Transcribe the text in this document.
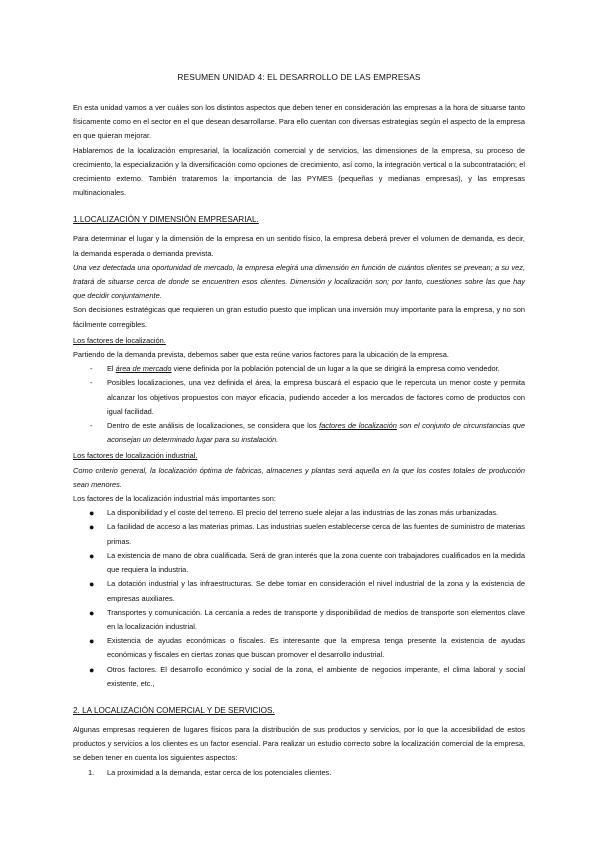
RESUMEN UNIDAD 4: EL DESARROLLO DE LAS EMPRESAS

En esta unidad vamos a ver cuáles son los distintos aspectos que deben tener en consideración las empresas a la hora de situarse tanto físicamente como en el sector en el que desean desarrollarse. Para ello cuentan con diversas estrategias según el aspecto de la empresa en que quieran mejorar.

Hablaremos de la localización empresarial, la localización comercial y de servicios, las dimensiones de la empresa, su proceso de crecimiento, la especialización y la diversificación como opciones de crecimiento, así como, la integración vertical o la subcontratación; el crecimiento externo. También trataremos la importancia de las PYMES (pequeñas y medianas empresas), y las empresas multinacionales.

1.LOCALIZACIÓN Y DIMENSIÓN EMPRESARIAL.

Para determinar el lugar y la dimensión de la empresa en un sentido físico, la empresa deberá prever el volumen de demanda, es decir, la demanda esperada o demanda prevista.

Una vez detectada una oportunidad de mercado, la empresa elegirá una dimensión en función de cuántos clientes se prevean; a su vez, tratará de situarse cerca de donde se encuentren esos clientes. Dimensión y localización son; por tanto, cuestiones sobre las que hay que decidir conjuntamente.

Son decisiones estratégicas que requieren un gran estudio puesto que implican una inversión muy importante para la empresa, y no son fácilmente corregibles.

Los factores de localización.

Partiendo de la demanda prevista, debemos saber que esta reúne varios factores para la ubicación de la empresa.

- El área de mercado viene definida por la población potencial de un lugar a la que se dirigirá la empresa como vendedor.
- Posibles localizaciones, una vez definida el área, la empresa buscará el espacio que le repercuta un menor coste y permita alcanzar los objetivos propuestos con mayor eficacia, pudiendo acceder a los mercados de factores como de productos con igual facilidad.
- Dentro de este análisis de localizaciones, se considera que los factores de localización son el conjunto de circunstancias que aconsejan un determinado lugar para su instalación.
Los factores de localización industrial.

Como criterio general, la localización óptima de fabricas, almacenes y plantas será aquella en la que los costes totales de producción sean menores.

Los factores de la localización industrial más importantes son:

● La disponibilidad y el coste del terreno. El precio del terreno suele alejar a las industrias de las zonas más urbanizadas.
● La facilidad de acceso a las materias primas. Las industrias suelen establecerse cerca de las fuentes de suministro de materias primas.
● La existencia de mano de obra cualificada. Será de gran interés que la zona cuente con trabajadores cualificados en la medida que requiera la industria.
● La dotación industrial y las infraestructuras. Se debe tomar en consideración el nivel industrial de la zona y la existencia de empresas auxiliares.
● Transportes y comunicación. La cercanía a redes de transporte y disponibilidad de medios de transporte son elementos clave en la localización industrial.
● Existencia de ayudas económicas o fiscales. Es interesante que la empresa tenga presente la existencia de ayudas económicas y fiscales en ciertas zonas que buscan promover el desarrollo industrial.
● Otros factores. El desarrollo económico y social de la zona, el ambiente de negocios imperante, el clima laboral y social existente, etc.,
2. LA LOCALIZACIÓN COMERCIAL Y DE SERVICIOS.

Algunas empresas requieren de lugares físicos para la distribución de sus productos y servicios, por lo que la accesibilidad de estos productos y servicios a los clientes es un factor esencial. Para realizar un estudio correcto sobre la localización comercial de la empresa, se deben tener en cuenta los siguientes aspectos:

1. La proximidad a la demanda, estar cerca de los potenciales clientes.
